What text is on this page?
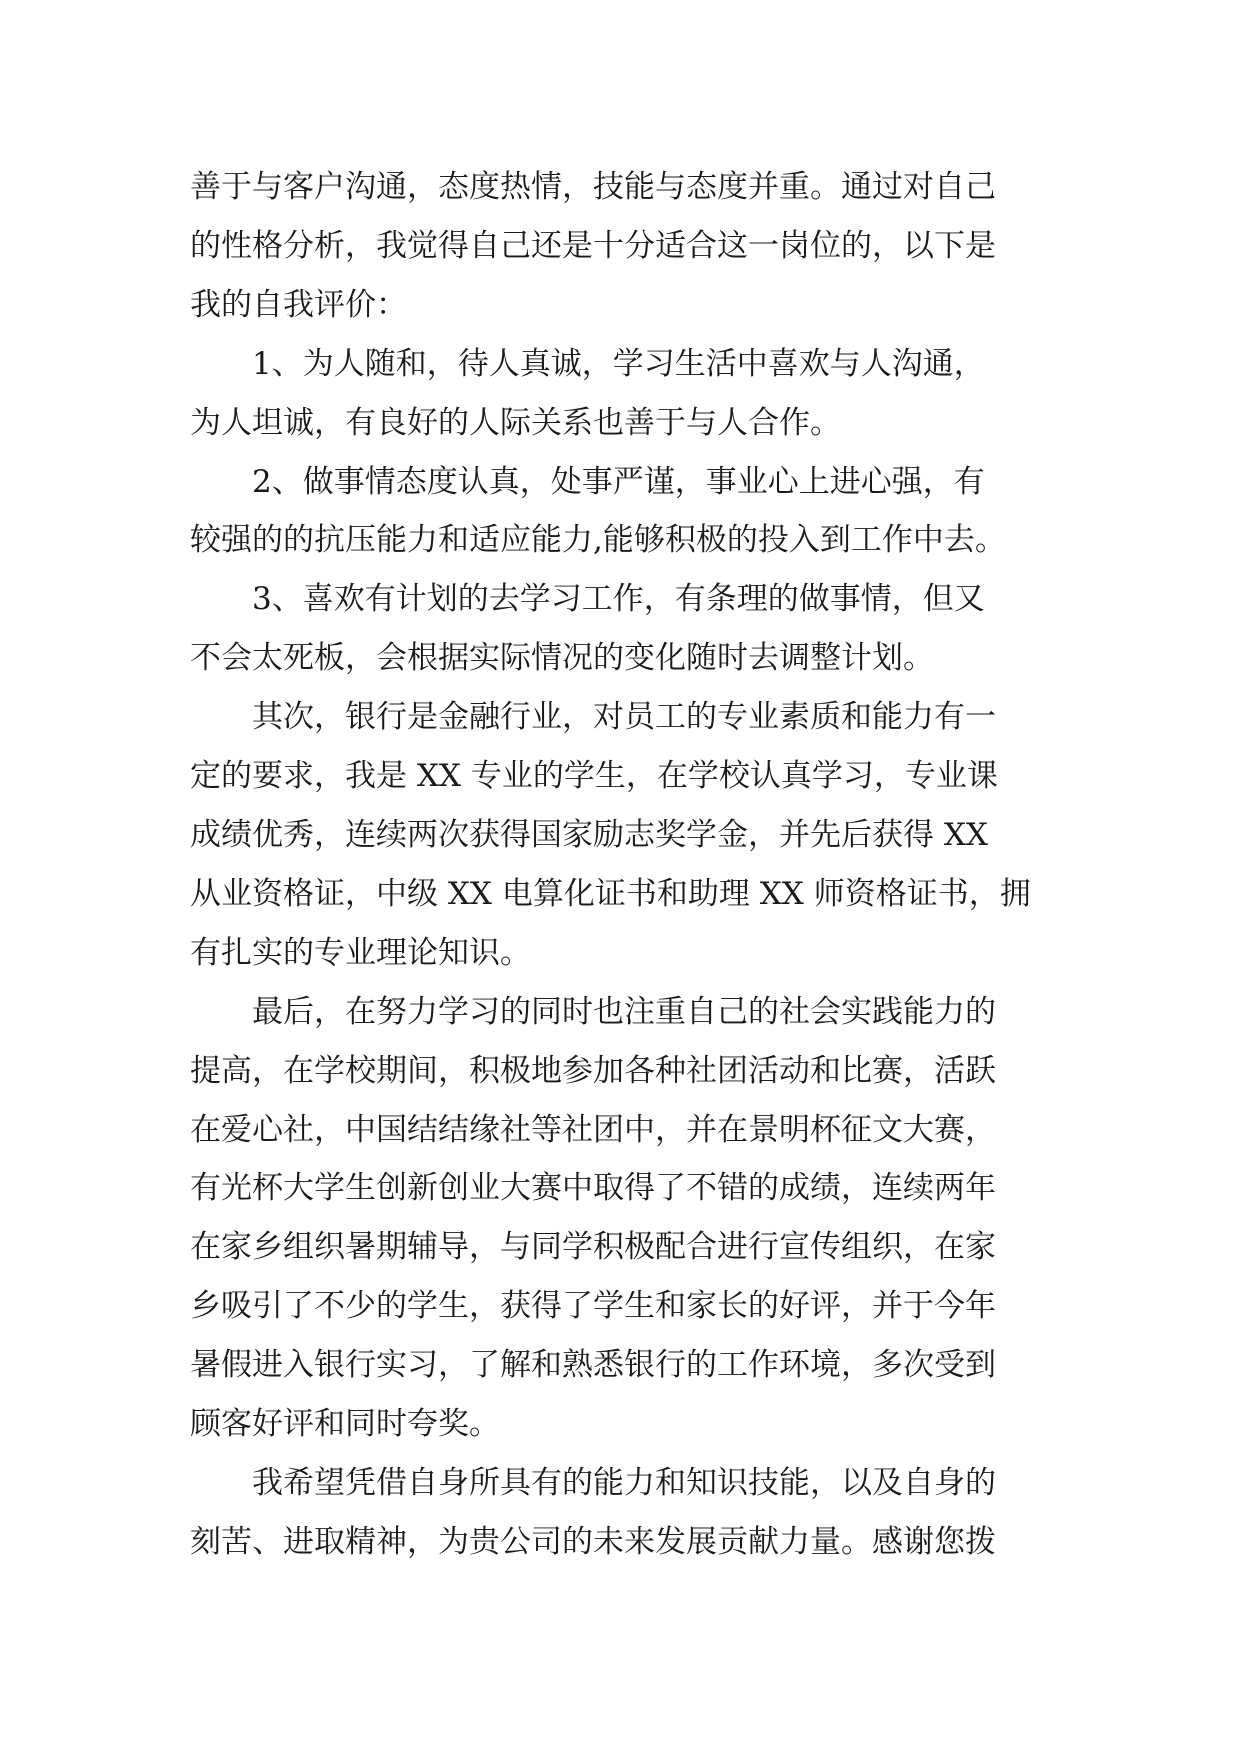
善于与客户沟通，态度热情，技能与态度并重。通过对自己
的性格分析，我觉得自己还是十分适合这一岗位的，以下是
我的自我评价：
1、为人随和，待人真诚，学习生活中喜欢与人沟通，
为人坦诚，有良好的人际关系也善于与人合作。
2、做事情态度认真，处事严谨，事业心上进心强，有
较强的的抗压能力和适应能力,能够积极的投入到工作中去。
3、喜欢有计划的去学习工作，有条理的做事情，但又
不会太死板，会根据实际情况的变化随时去调整计划。
其次，银行是金融行业，对员工的专业素质和能力有一
定的要求，我是 XX 专业的学生，在学校认真学习，专业课
成绩优秀，连续两次获得国家励志奖学金，并先后获得 XX
从业资格证，中级 XX 电算化证书和助理 XX 师资格证书，拥
有扎实的专业理论知识。
最后，在努力学习的同时也注重自己的社会实践能力的
提高，在学校期间，积极地参加各种社团活动和比赛，活跃
在爱心社，中国结结缘社等社团中，并在景明杯征文大赛，
有光杯大学生创新创业大赛中取得了不错的成绩，连续两年
在家乡组织暑期辅导，与同学积极配合进行宣传组织，在家
乡吸引了不少的学生，获得了学生和家长的好评，并于今年
暑假进入银行实习，了解和熟悉银行的工作环境，多次受到
顾客好评和同时夸奖。
我希望凭借自身所具有的能力和知识技能，以及自身的
刻苦、进取精神，为贵公司的未来发展贡献力量。感谢您拨
